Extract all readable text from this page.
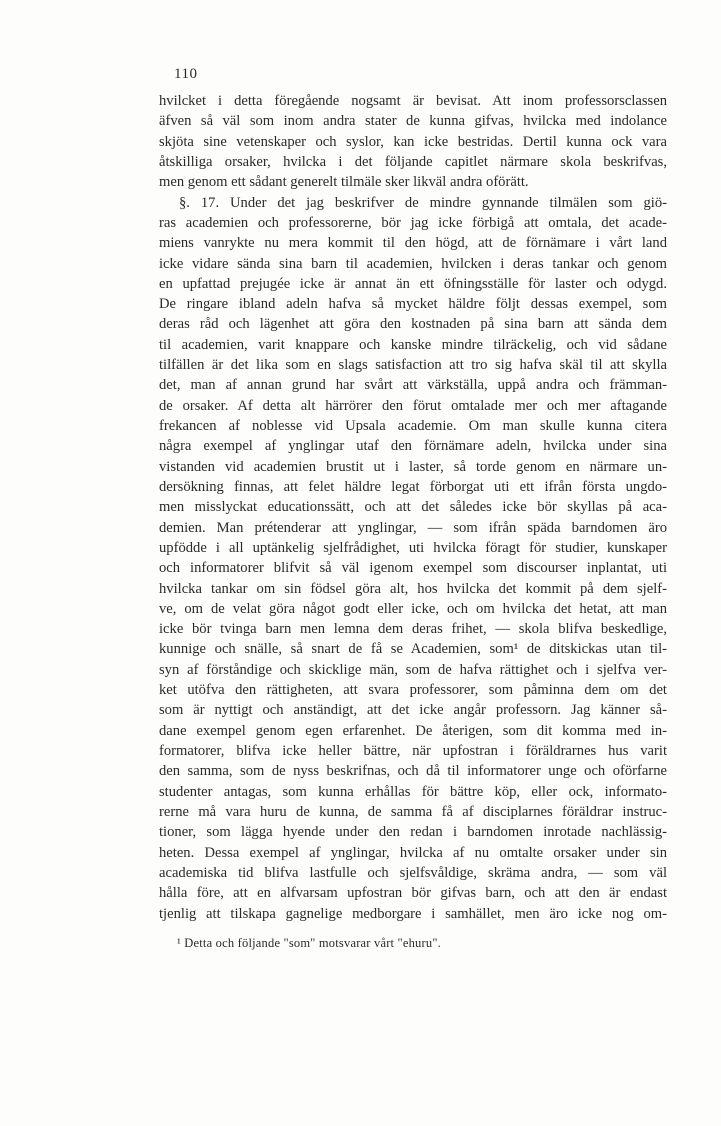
110
hvilcket i detta föregående nogsamt är bevisat. Att inom professorsclassen
äfven så väl som inom andra stater de kunna gifvas, hvilcka med indolance
skjöta sine vetenskaper och syslor, kan icke bestridas. Dertil kunna ock vara
åtskilliga orsaker, hvilcka i det följande capitlet närmare skola beskrifvas,
men genom ett sådant generelt tilmäle sker likväl andra oförätt.
§. 17. Under det jag beskrifver de mindre gynnande tilmälen som giö-
ras academien och professorerne, bör jag icke förbigå att omtala, det acade-
miens vanrykte nu mera kommit til den högd, att de förnämare i vårt land
icke vidare sända sina barn til academien, hvilcken i deras tankar och genom
en upfattad prejugée icke är annat än ett öfningsställe för laster och odygd.
De ringare ibland adeln hafva så mycket häldre följt dessas exempel, som
deras råd och lägenhet att göra den kostnaden på sina barn att sända dem
til academien, varit knappare och kanske mindre tilräckelig, och vid sådane
tilfällen är det lika som en slags satisfaction att tro sig hafva skäl til att skylla
det, man af annan grund har svårt att värkställa, uppå andra och främman-
de orsaker. Af detta alt härrörer den förut omtalade mer och mer aftagande
frekancen af noblesse vid Upsala academie. Om man skulle kunna citera
några exempel af ynglingar utaf den förnämare adeln, hvilcka under sina
vistanden vid academien brustit ut i laster, så torde genom en närmare un-
dersökning finnas, att felet häldre legat förborgat uti ett ifrån första ungdo-
men misslyckat educationssätt, och att det således icke bör skyllas på aca-
demien. Man prétenderar att ynglingar, — som ifrån späda barndomen äro
upfödde i all uptänkelig sjelfrådighet, uti hvilcka föragt för studier, kunskaper
och informatorer blifvit så väl igenom exempel som discourser inplantat, uti
hvilcka tankar om sin födsel göra alt, hos hvilcka det kommit på dem sjelf-
ve, om de velat göra något godt eller icke, och om hvilcka det hetat, att man
icke bör tvinga barn men lemna dem deras frihet, — skola blifva beskedlige,
kunnige och snälle, så snart de få se Academien, som¹ de ditskickas utan til-
syn af förståndige och skicklige män, som de hafva rättighet och i sjelfva ver-
ket utöfva den rättigheten, att svara professorer, som påminna dem om det
som är nyttigt och anständigt, att det icke angår professorn. Jag känner så-
dane exempel genom egen erfarenhet. De återigen, som dit komma med in-
formatorer, blifva icke heller bättre, när upfostran i föräldrarnes hus varit
den samma, som de nyss beskrifnas, och då til informatorer unge och oförfarne
studenter antagas, som kunna erhållas för bättre köp, eller ock, informato-
rerne må vara huru de kunna, de samma få af disciplarnes föräldrar instruc-
tioner, som lägga hyende under den redan i barndomen inrotade nachlässig-
heten. Dessa exempel af ynglingar, hvilcka af nu omtalte orsaker under sin
academiska tid blifva lastfulle och sjelfsvåldige, skräma andra, — som väl
hålla före, att en alfvarsam upfostran bör gifvas barn, och att den är endast
tjenlig att tilskapa gagnelige medborgare i samhället, men äro icke nog om-
¹ Detta och följande "som" motsvarar vårt "ehuru".
